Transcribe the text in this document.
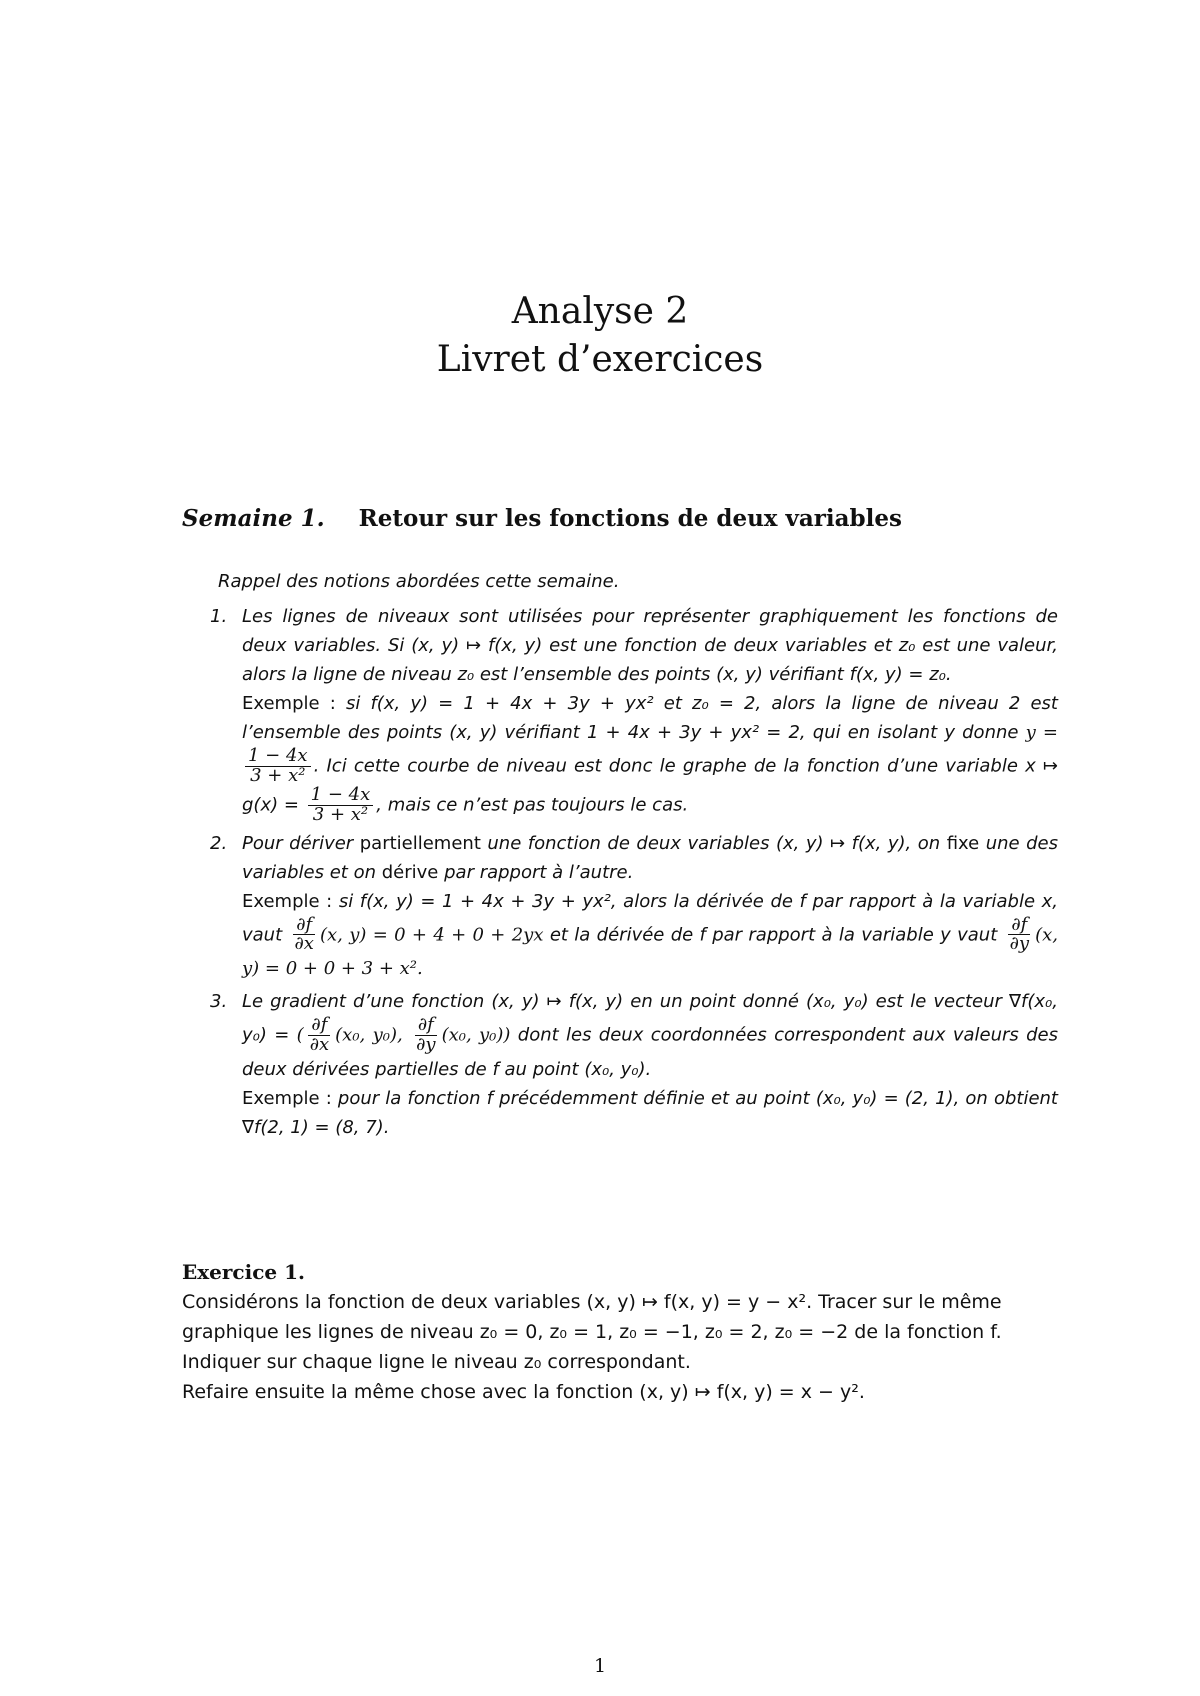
Analyse 2
Livret d’exercices
Semaine 1. Retour sur les fonctions de deux variables

Rappel des notions abordées cette semaine.

1. Les lignes de niveaux sont utilisées pour représenter graphiquement les fonctions de deux variables. Si (x, y) ↦ f(x, y) est une fonction de deux variables et z₀ est une valeur, alors la ligne de niveau z₀ est l’ensemble des points (x, y) vérifiant f(x, y) = z₀.
Exemple : si f(x, y) = 1 + 4x + 3y + yx² et z₀ = 2, alors la ligne de niveau 2 est l’ensemble des points (x, y) vérifiant 1 + 4x + 3y + yx² = 2, qui en isolant y donne y =
$\frac{1 - 4x}{\text{3 + x²}}$ . Ici cette courbe de niveau est donc le graphe de la fonction d’une variable x ↦ $g(x) = \frac{1 - 4x}{\text{3 + x²}}$ , mais ce n’est pas toujours le cas.
2. Pour dériver partiellement une fonction de deux variables (x, y) ↦ f(x, y), on fixe une des variables et on dérive par rapport à l’autre.
Exemple : si f(x, y) = 1 + 4x + 3y + yx², alors la dérivée de f par rapport à la variable x, vaut $\frac{\partial f}{\partial x} (x$, y) = 0 + 4 + 0 + 2yx et la dérivée de f par rapport à la variable y vaut $\frac{\partial f}{\partial y} (x$, y) = 0 + 0 + 3 + x².
3. Le gradient d’une fonction (x, y) ↦ f(x, y) en un point donné (x₀, y₀) est le vecteur ∇f(x₀, y₀) = ( $\frac{\partial f}{\partial x} (x_0$, y₀), $\frac{\partial f}{\partial y} (x_0$, y₀)) dont les deux coordonnées correspondent aux valeurs des deux dérivées partielles de f au point (x₀, y₀).
Exemple : pour la fonction f précédemment définie et au point (x₀, y₀) = (2, 1), on obtient ∇f(2, 1) = (8, 7).

Exercice 1.

Considérons la fonction de deux variables (x, y) ↦ f(x, y) = y − x². Tracer sur le même graphique les lignes de niveau z₀ = 0, z₀ = 1, z₀ = −1, z₀ = 2, z₀ = −2 de la fonction f.

Indiquer sur chaque ligne le niveau z₀ correspondant.

Refaire ensuite la même chose avec la fonction (x, y) ↦ f(x, y) = x − y².

1
